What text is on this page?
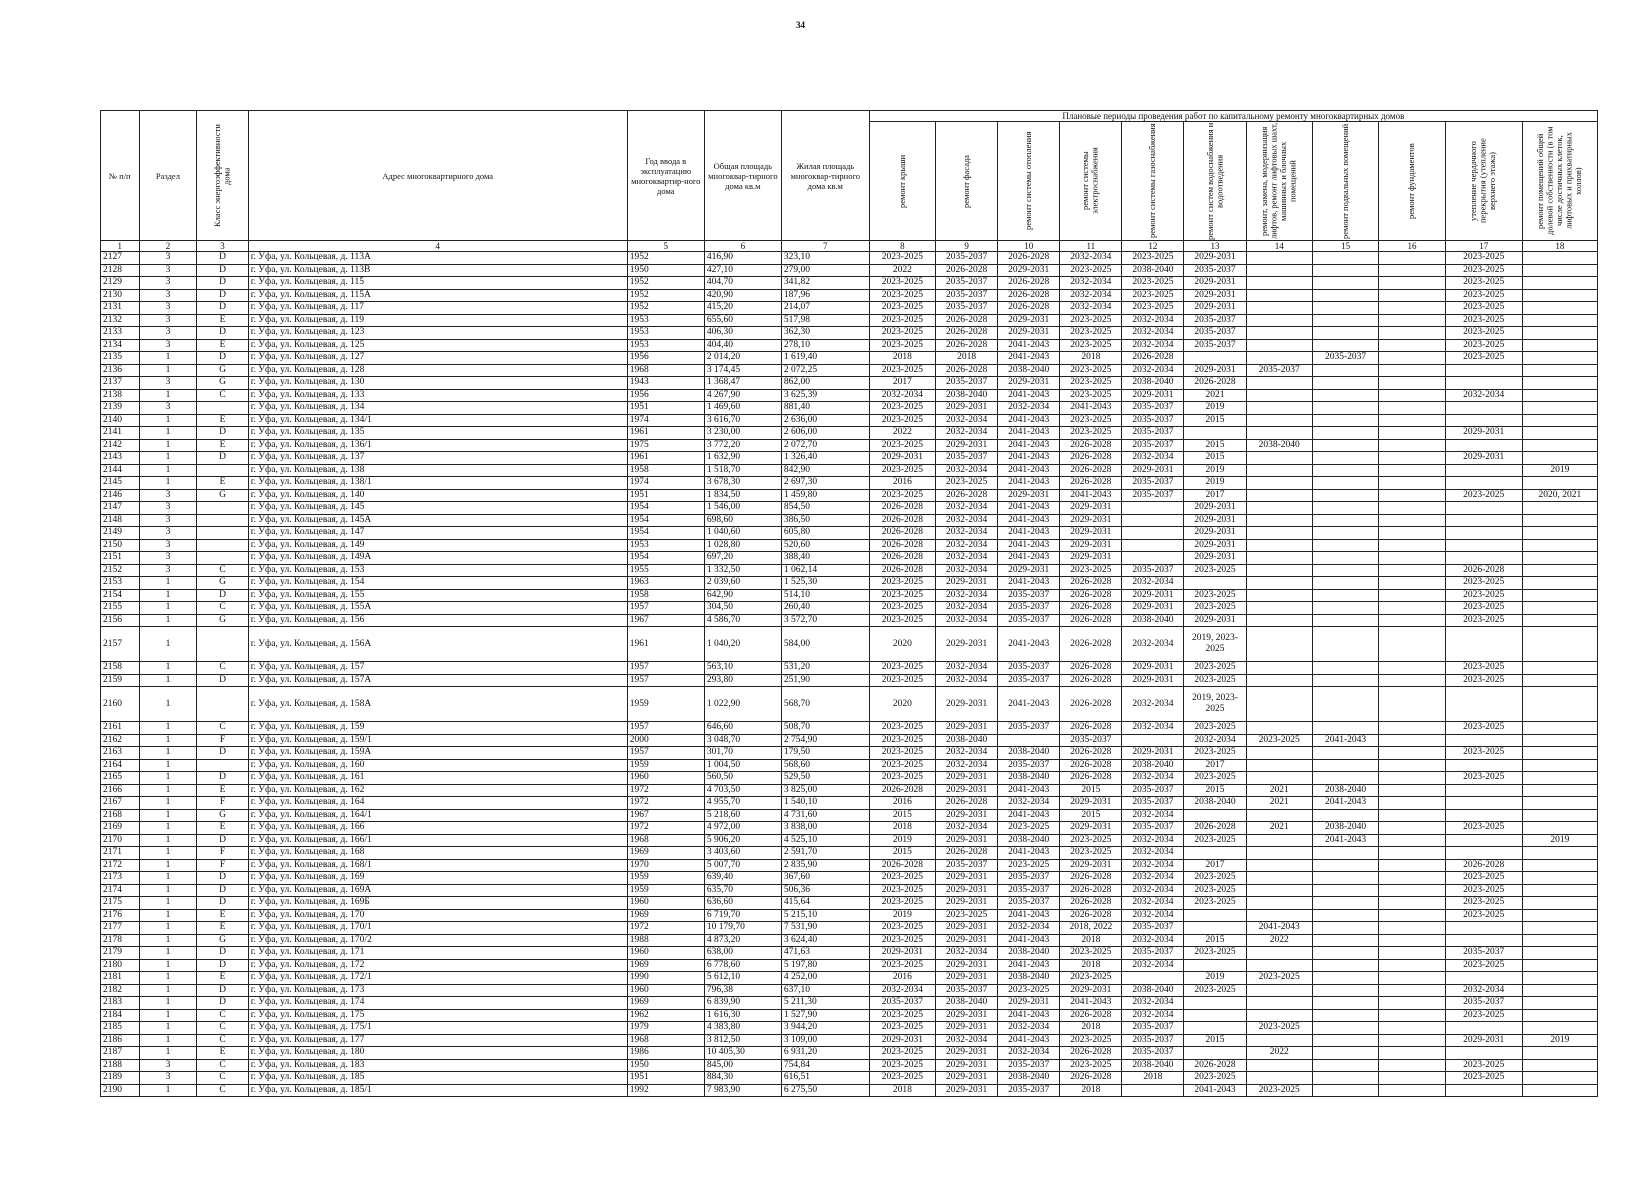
34
№ п/п	Раздел	Класс энергоэффективности дома	Адрес многоквартирного дома	Год ввода в эксплуатацию многоквартир-ного дома	Общая площадь многоквар-тирного дома кв.м	Жилая площадь многоквар-тирного дома кв.м	Плановые периоды проведения работ по капитальному ремонту многоквартирных домов										

							ремонт крыши	ремонт фасада	ремонт системы отопления	ремонт системы электроснабжения	ремонт системы газоснабжения	ремонт систем водоснабжения и водоотведения	ремонт, замена, модернизация лифтов, ремонт лифтовых шахт, машинных и блочных помещений	ремонт подвальных помещений	ремонт фундаментов	утепление чердачного перекрытия (утепление верхнего этажа)	ремонт помещений общей долевой собственности (в том числе достичных клеток, лифтовых и прихватирных холлов)

1	2	3	4	5	6	7	8	9	10	11	12	13	14	15	16	17	18
2127	3	D	г. Уфа, ул. Кольцевая, д. 113А	1952	416,90	323,10	2023-2025	2035-2037	2026-2028	2032-2034	2023-2025	2029-2031				2023-2025	
2128	3	D	г. Уфа, ул. Кольцевая, д. 113В	1950	427,10	279,00	2022	2026-2028	2029-2031	2023-2025	2038-2040	2035-2037				2023-2025	
2129	3	D	г. Уфа, ул. Кольцевая, д. 115	1952	404,70	341,82	2023-2025	2035-2037	2026-2028	2032-2034	2023-2025	2029-2031				2023-2025	
2130	3	D	г. Уфа, ул. Кольцевая, д. 115А	1952	420,90	187,96	2023-2025	2035-2037	2026-2028	2032-2034	2023-2025	2029-2031				2023-2025	
2131	3	D	г. Уфа, ул. Кольцевая, д. 117	1952	415,20	214,07	2023-2025	2035-2037	2026-2028	2032-2034	2023-2025	2029-2031				2023-2025	
2132	3	E	г. Уфа, ул. Кольцевая, д. 119	1953	655,60	517,98	2023-2025	2026-2028	2029-2031	2023-2025	2032-2034	2035-2037				2023-2025	
2133	3	D	г. Уфа, ул. Кольцевая, д. 123	1953	406,30	362,30	2023-2025	2026-2028	2029-2031	2023-2025	2032-2034	2035-2037				2023-2025	
2134	3	E	г. Уфа, ул. Кольцевая, д. 125	1953	404,40	278,10	2023-2025	2026-2028	2041-2043	2023-2025	2032-2034	2035-2037				2023-2025	
2135	1	D	г. Уфа, ул. Кольцевая, д. 127	1956	2 014,20	1 619,40	2018	2018	2041-2043	2018	2026-2028			2035-2037		2023-2025	
2136	1	G	г. Уфа, ул. Кольцевая, д. 128	1968	3 174,45	2 072,25	2023-2025	2026-2028	2038-2040	2023-2025	2032-2034	2029-2031	2035-2037				
2137	3	G	г. Уфа, ул. Кольцевая, д. 130	1943	1 368,47	862,00	2017	2035-2037	2029-2031	2023-2025	2038-2040	2026-2028					
2138	1	C	г. Уфа, ул. Кольцевая, д. 133	1956	4 267,90	3 625,39	2032-2034	2038-2040	2041-2043	2023-2025	2029-2031	2021				2032-2034	
2139	3		г. Уфа, ул. Кольцевая, д. 134	1951	1 469,60	881,40	2023-2025	2029-2031	2032-2034	2041-2043	2035-2037	2019					
2140	1	E	г. Уфа, ул. Кольцевая, д. 134/1	1974	3 616,70	2 636,00	2023-2025	2032-2034	2041-2043	2023-2025	2035-2037	2015					
2141	1	D	г. Уфа, ул. Кольцевая, д. 135	1961	3 230,00	2 606,00	2022	2032-2034	2041-2043	2023-2025	2035-2037					2029-2031	
2142	1	E	г. Уфа, ул. Кольцевая, д. 136/1	1975	3 772,20	2 072,70	2023-2025	2029-2031	2041-2043	2026-2028	2035-2037	2015	2038-2040				
2143	1	D	г. Уфа, ул. Кольцевая, д. 137	1961	1 632,90	1 326,40	2029-2031	2035-2037	2041-2043	2026-2028	2032-2034	2015				2029-2031	
2144	1		г. Уфа, ул. Кольцевая, д. 138	1958	1 518,70	842,90	2023-2025	2032-2034	2041-2043	2026-2028	2029-2031	2019					2019
2145	1	E	г. Уфа, ул. Кольцевая, д. 138/1	1974	3 678,30	2 697,30	2016	2023-2025	2041-2043	2026-2028	2035-2037	2019					
2146	3	G	г. Уфа, ул. Кольцевая, д. 140	1951	1 834,50	1 459,80	2023-2025	2026-2028	2029-2031	2041-2043	2035-2037	2017				2023-2025	2020, 2021
2147	3		г. Уфа, ул. Кольцевая, д. 145	1954	1 546,00	854,50	2026-2028	2032-2034	2041-2043	2029-2031		2029-2031					
2148	3		г. Уфа, ул. Кольцевая, д. 145А	1954	698,60	386,50	2026-2028	2032-2034	2041-2043	2029-2031		2029-2031					
2149	3		г. Уфа, ул. Кольцевая, д. 147	1954	1 040,60	605,80	2026-2028	2032-2034	2041-2043	2029-2031		2029-2031					
2150	3		г. Уфа, ул. Кольцевая, д. 149	1953	1 028,80	520,60	2026-2028	2032-2034	2041-2043	2029-2031		2029-2031					
2151	3		г. Уфа, ул. Кольцевая, д. 149А	1954	697,20	388,40	2026-2028	2032-2034	2041-2043	2029-2031		2029-2031					
2152	3	C	г. Уфа, ул. Кольцевая, д. 153	1955	1 332,50	1 062,14	2026-2028	2032-2034	2029-2031	2023-2025	2035-2037	2023-2025				2026-2028	
2153	1	G	г. Уфа, ул. Кольцевая, д. 154	1963	2 039,60	1 525,30	2023-2025	2029-2031	2041-2043	2026-2028	2032-2034					2023-2025	
2154	1	D	г. Уфа, ул. Кольцевая, д. 155	1958	642,90	514,10	2023-2025	2032-2034	2035-2037	2026-2028	2029-2031	2023-2025				2023-2025	
2155	1	C	г. Уфа, ул. Кольцевая, д. 155А	1957	304,50	260,40	2023-2025	2032-2034	2035-2037	2026-2028	2029-2031	2023-2025				2023-2025	
2156	1	G	г. Уфа, ул. Кольцевая, д. 156	1967	4 586,70	3 572,70	2023-2025	2032-2034	2035-2037	2026-2028	2038-2040	2029-2031				2023-2025	
2157	1		г. Уфа, ул. Кольцевая, д. 156А	1961	1 040,20	584,00	2020	2029-2031	2041-2043	2026-2028	2032-2034	2019, 2023-2025					
2158	1	C	г. Уфа, ул. Кольцевая, д. 157	1957	563,10	531,20	2023-2025	2032-2034	2035-2037	2026-2028	2029-2031	2023-2025				2023-2025	
2159	1	D	г. Уфа, ул. Кольцевая, д. 157А	1957	293,80	251,90	2023-2025	2032-2034	2035-2037	2026-2028	2029-2031	2023-2025				2023-2025	
2160	1		г. Уфа, ул. Кольцевая, д. 158А	1959	1 022,90	568,70	2020	2029-2031	2041-2043	2026-2028	2032-2034	2019, 2023-2025					
2161	1	C	г. Уфа, ул. Кольцевая, д. 159	1957	646,60	508,70	2023-2025	2029-2031	2035-2037	2026-2028	2032-2034	2023-2025				2023-2025	
2162	1	F	г. Уфа, ул. Кольцевая, д. 159/1	2000	3 048,70	2 754,90	2023-2025	2038-2040		2035-2037		2032-2034	2023-2025	2041-2043			
2163	1	D	г. Уфа, ул. Кольцевая, д. 159А	1957	301,70	179,50	2023-2025	2032-2034	2038-2040	2026-2028	2029-2031	2023-2025				2023-2025	
2164	1		г. Уфа, ул. Кольцевая, д. 160	1959	1 004,50	568,60	2023-2025	2032-2034	2035-2037	2026-2028	2038-2040	2017					
2165	1	D	г. Уфа, ул. Кольцевая, д. 161	1960	560,50	529,50	2023-2025	2029-2031	2038-2040	2026-2028	2032-2034	2023-2025				2023-2025	
2166	1	E	г. Уфа, ул. Кольцевая, д. 162	1972	4 703,50	3 825,00	2026-2028	2029-2031	2041-2043	2015	2035-2037	2015	2021	2038-2040			
2167	1	F	г. Уфа, ул. Кольцевая, д. 164	1972	4 955,70	1 540,10	2016	2026-2028	2032-2034	2029-2031	2035-2037	2038-2040	2021	2041-2043			
2168	1	G	г. Уфа, ул. Кольцевая, д. 164/1	1967	5 218,60	4 731,60	2015	2029-2031	2041-2043	2015	2032-2034						
2169	1	E	г. Уфа, ул. Кольцевая, д. 166	1972	4 972,00	3 838,00	2018	2032-2034	2023-2025	2029-2031	2035-2037	2026-2028	2021	2038-2040		2023-2025	
2170	1	D	г. Уфа, ул. Кольцевая, д. 166/1	1968	5 906,20	4 525,10	2019	2029-2031	2038-2040	2023-2025	2032-2034	2023-2025		2041-2043			2019
2171	1	F	г. Уфа, ул. Кольцевая, д. 168	1969	3 403,60	2 591,70	2015	2026-2028	2041-2043	2023-2025	2032-2034						
2172	1	F	г. Уфа, ул. Кольцевая, д. 168/1	1970	5 007,70	2 835,90	2026-2028	2035-2037	2023-2025	2029-2031	2032-2034	2017				2026-2028	
2173	1	D	г. Уфа, ул. Кольцевая, д. 169	1959	639,40	367,60	2023-2025	2029-2031	2035-2037	2026-2028	2032-2034	2023-2025				2023-2025	
2174	1	D	г. Уфа, ул. Кольцевая, д. 169А	1959	635,70	506,36	2023-2025	2029-2031	2035-2037	2026-2028	2032-2034	2023-2025				2023-2025	
2175	1	D	г. Уфа, ул. Кольцевая, д. 169Б	1960	636,60	415,64	2023-2025	2029-2031	2035-2037	2026-2028	2032-2034	2023-2025				2023-2025	
2176	1	E	г. Уфа, ул. Кольцевая, д. 170	1969	6 719,70	5 215,10	2019	2023-2025	2041-2043	2026-2028	2032-2034					2023-2025	
2177	1	E	г. Уфа, ул. Кольцевая, д. 170/1	1972	10 179,70	7 531,90	2023-2025	2029-2031	2032-2034	2018, 2022	2035-2037		2041-2043				
2178	1	G	г. Уфа, ул. Кольцевая, д. 170/2	1988	4 873,20	3 624,40	2023-2025	2029-2031	2041-2043	2018	2032-2034	2015	2022				
2179	1	D	г. Уфа, ул. Кольцевая, д. 171	1960	638,00	471,63	2029-2031	2032-2034	2038-2040	2023-2025	2035-2037	2023-2025				2035-2037	
2180	1	D	г. Уфа, ул. Кольцевая, д. 172	1969	6 778,60	5 197,80	2023-2025	2029-2031	2041-2043	2018	2032-2034					2023-2025	
2181	1	E	г. Уфа, ул. Кольцевая, д. 172/1	1990	5 612,10	4 252,00	2016	2029-2031	2038-2040	2023-2025		2019	2023-2025				
2182	1	D	г. Уфа, ул. Кольцевая, д. 173	1960	796,38	637,10	2032-2034	2035-2037	2023-2025	2029-2031	2038-2040	2023-2025				2032-2034	
2183	1	D	г. Уфа, ул. Кольцевая, д. 174	1969	6 839,90	5 211,30	2035-2037	2038-2040	2029-2031	2041-2043	2032-2034					2035-2037	
2184	1	C	г. Уфа, ул. Кольцевая, д. 175	1962	1 616,30	1 527,90	2023-2025	2029-2031	2041-2043	2026-2028	2032-2034					2023-2025	
2185	1	C	г. Уфа, ул. Кольцевая, д. 175/1	1979	4 383,80	3 944,20	2023-2025	2029-2031	2032-2034	2018	2035-2037		2023-2025				
2186	1	C	г. Уфа, ул. Кольцевая, д. 177	1968	3 812,50	3 109,00	2029-2031	2032-2034	2041-2043	2023-2025	2035-2037	2015				2029-2031	2019
2187	1	E	г. Уфа, ул. Кольцевая, д. 180	1986	10 405,30	6 931,20	2023-2025	2029-2031	2032-2034	2026-2028	2035-2037		2022				
2188	3	C	г. Уфа, ул. Кольцевая, д. 183	1950	845,00	754,84	2023-2025	2029-2031	2035-2037	2023-2025	2038-2040	2026-2028				2023-2025	
2189	3	C	г. Уфа, ул. Кольцевая, д. 185	1951	884,30	616,51	2023-2025	2029-2031	2038-2040	2026-2028	2018	2023-2025				2023-2025	
2190	1	C	г. Уфа, ул. Кольцевая, д. 185/1	1992	7 983,90	6 275,50	2018	2029-2031	2035-2037	2018		2041-2043	2023-2025				
